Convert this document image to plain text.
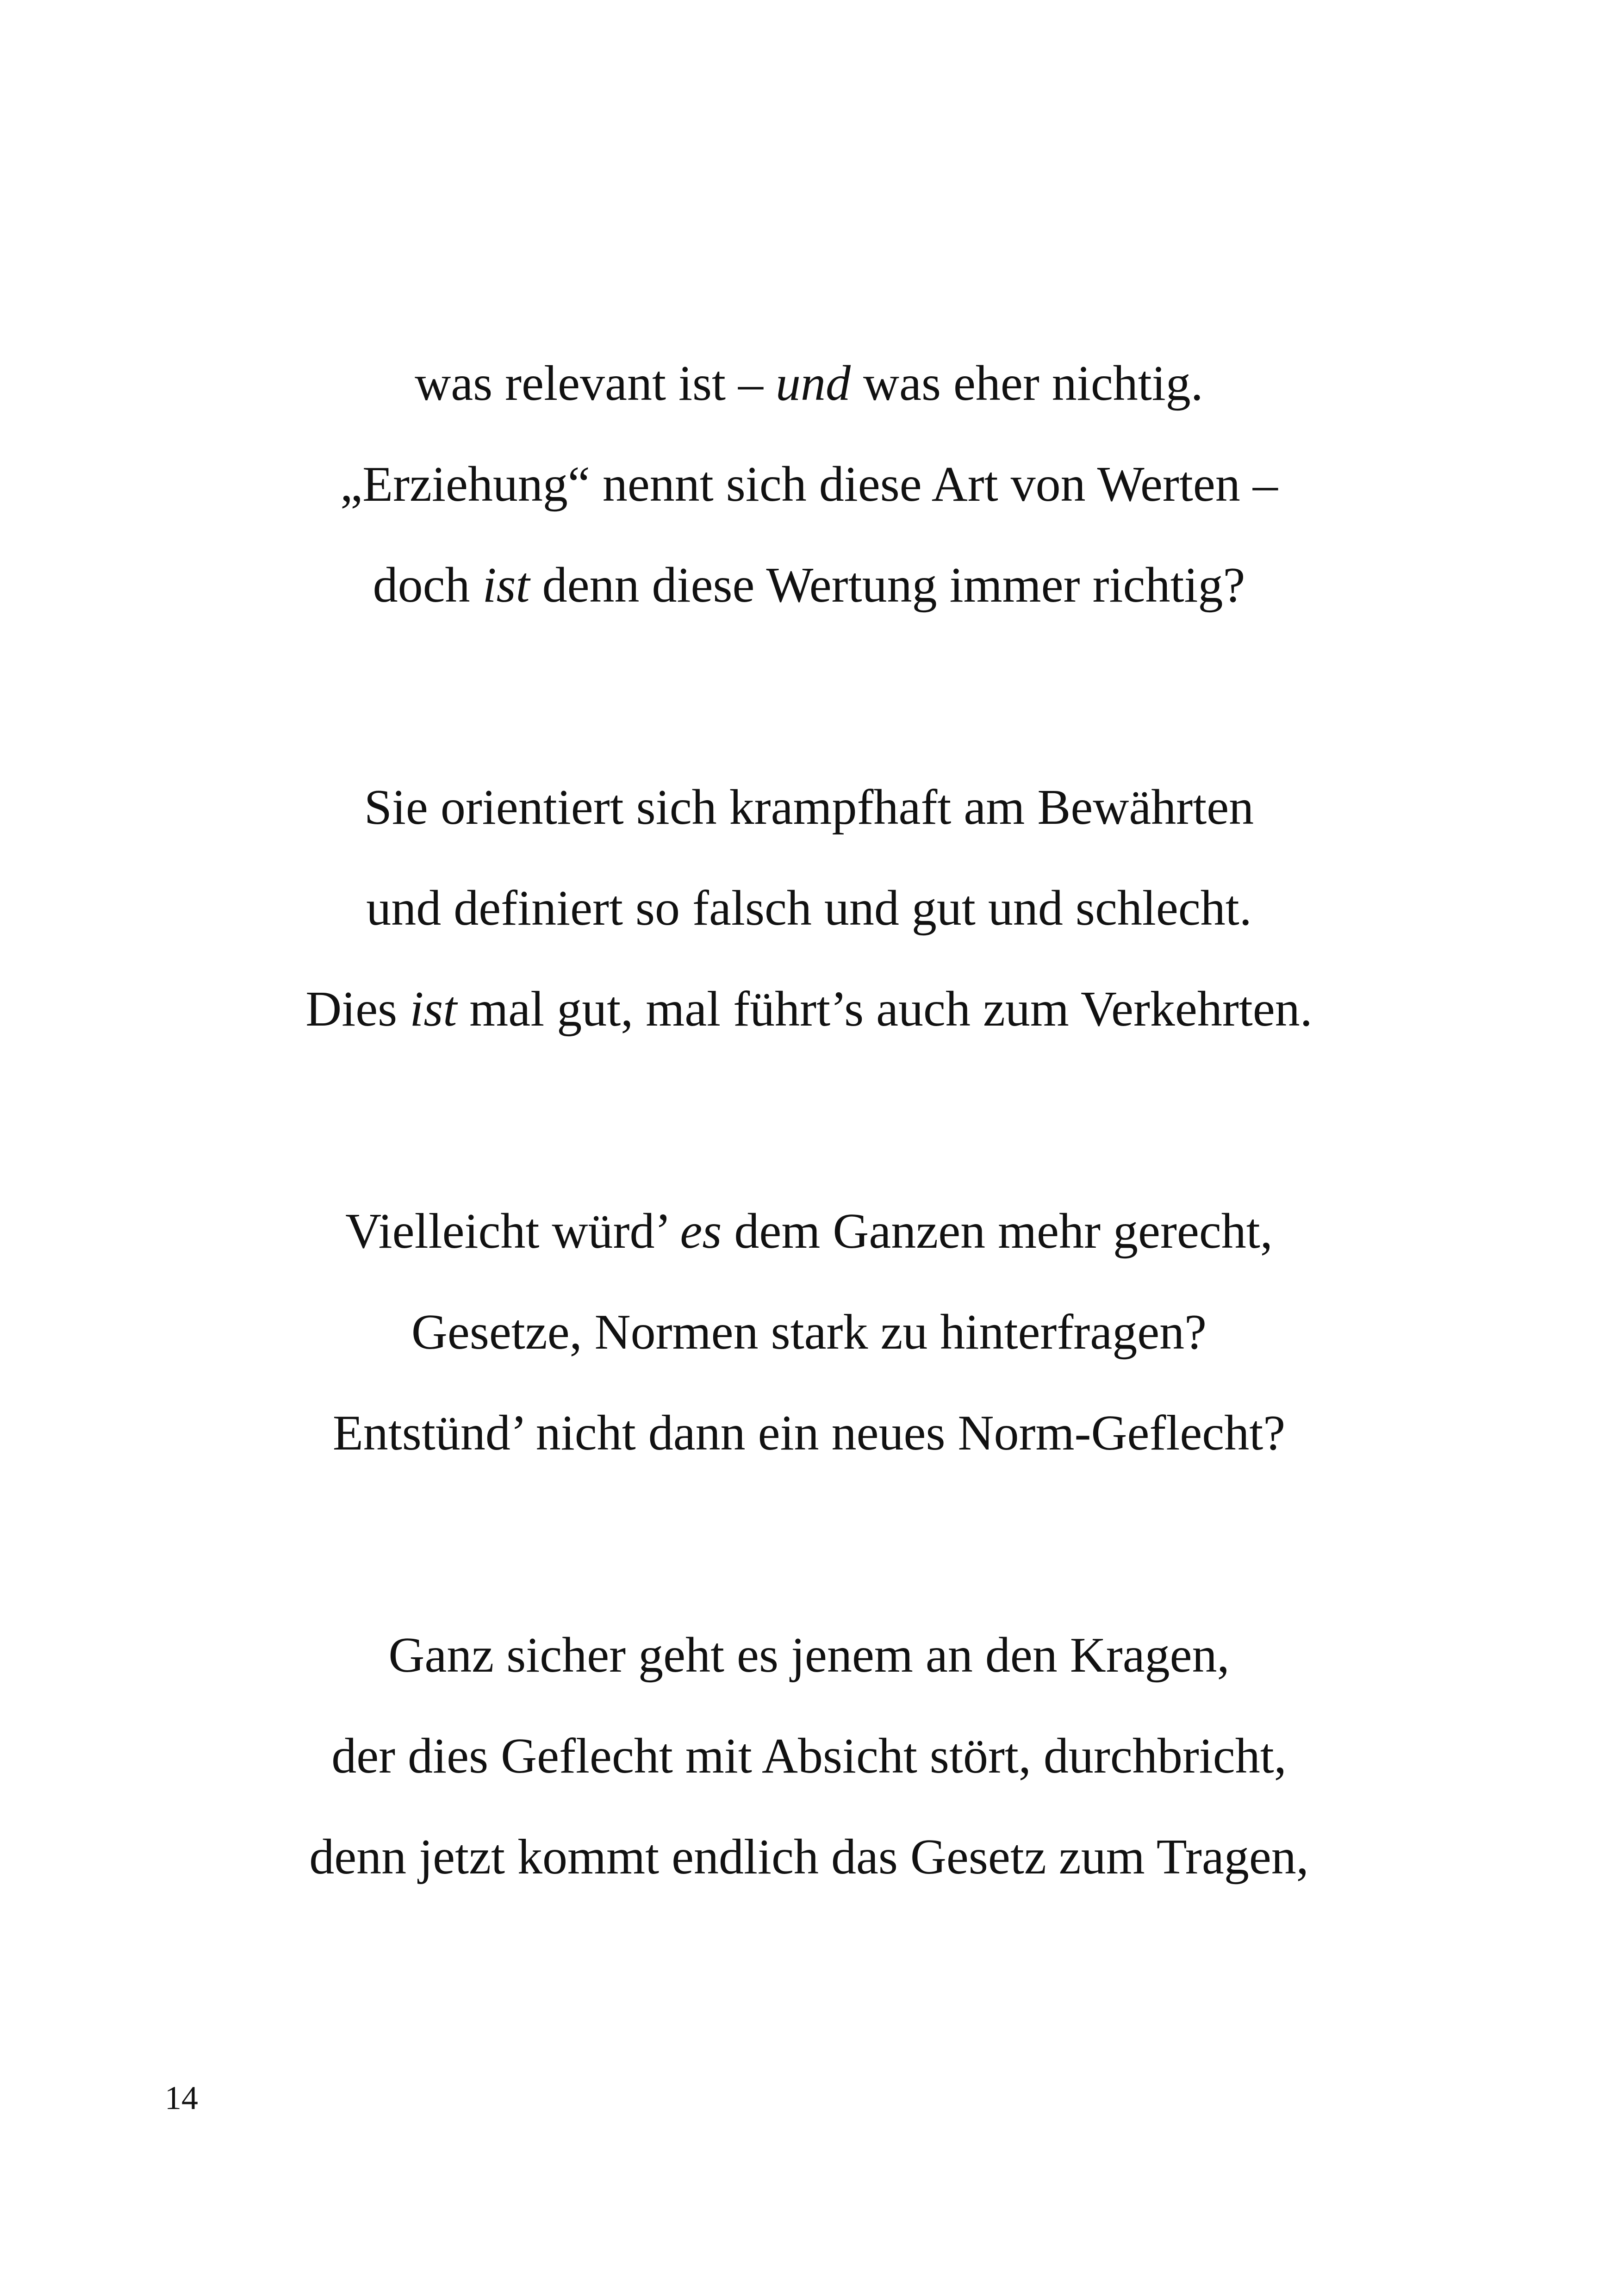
was relevant ist – und was eher nichtig.
„Erziehung“ nennt sich diese Art von Werten –
doch ist denn diese Wertung immer richtig?
Sie orientiert sich krampfhaft am Bewährten
und definiert so falsch und gut und schlecht.
Dies ist mal gut, mal führt’s auch zum Verkehrten.
Vielleicht würd’ es dem Ganzen mehr gerecht,
Gesetze, Normen stark zu hinterfragen?
Entstünd’ nicht dann ein neues Norm-Geflecht?
Ganz sicher geht es jenem an den Kragen,
der dies Geflecht mit Absicht stört, durchbricht,
denn jetzt kommt endlich das Gesetz zum Tragen,
14
